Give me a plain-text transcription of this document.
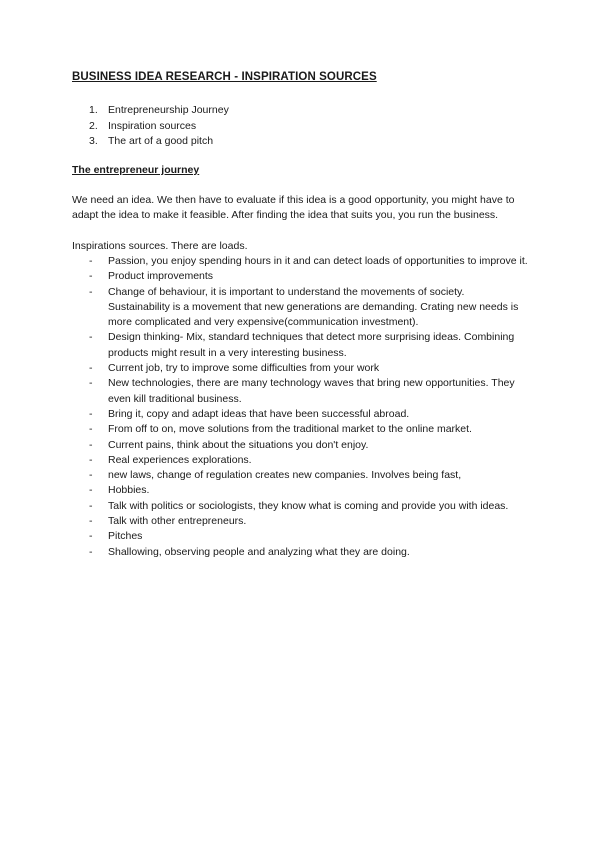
BUSINESS IDEA RESEARCH - INSPIRATION SOURCES
1. Entrepreneurship Journey
2. Inspiration sources
3. The art of a good pitch
The entrepreneur journey

We need an idea. We then have to evaluate if this idea is a good opportunity, you might have to adapt the idea to make it feasible. After finding the idea that suits you, you run the business.

Inspirations sources. There are loads.
- Passion, you enjoy spending hours in it and can detect loads of opportunities to improve it.
- Product improvements
- Change of behaviour, it is important to understand the movements of society. Sustainability is a movement that new generations are demanding. Crating new needs is more complicated and very expensive(communication investment).
- Design thinking- Mix, standard techniques that detect more surprising ideas. Combining products might result in a very interesting business.
- Current job, try to improve some difficulties from your work
- New technologies, there are many technology waves that bring new opportunities. They even kill traditional business.
- Bring it, copy and adapt ideas that have been successful abroad.
- From off to on, move solutions from the traditional market to the online market.
- Current pains, think about the situations you don't enjoy.
- Real experiences explorations.
- new laws, change of regulation creates new companies. Involves being fast,
- Hobbies.
- Talk with politics or sociologists, they know what is coming and provide you with ideas.
- Talk with other entrepreneurs.
- Pitches
- Shallowing, observing people and analyzing what they are doing.
